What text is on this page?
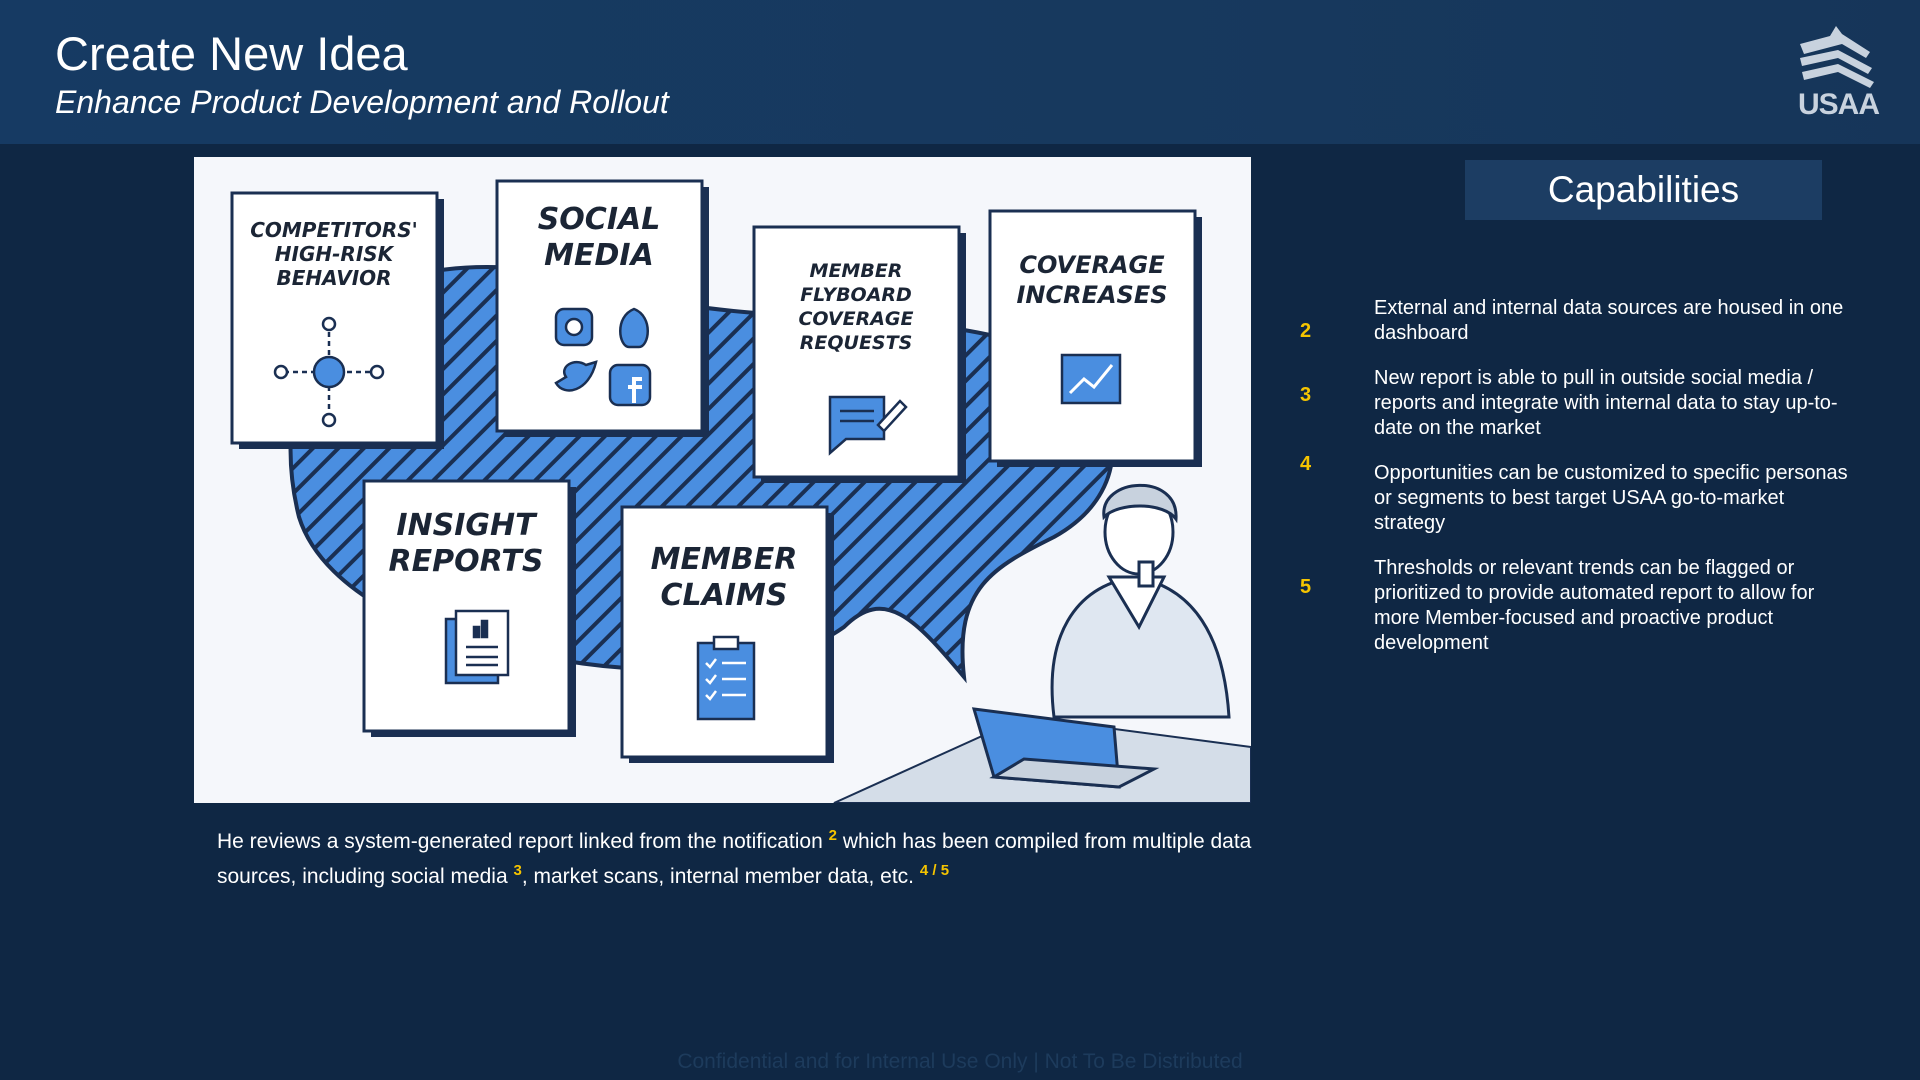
Create New Idea
Enhance Product Development and Rollout	USAA
COMPETITORS'
HIGH-RISK
BEHAVIOR
SOCIAL
MEDIA	MEMBER
FLYBOARD
COVERAGE
REQUESTS
COVERAGE
INCREASES
INSIGHT
REPORTS	MEMBER
CLAIMS
He reviews a system-generated report linked from the notification $^2$ which has been compiled from multiple data sources, including social media $^3$, market scans, internal member data, etc. $^{4 / 5}$
Capabilities
2
External and internal data sources are housed in one dashboard
3
New report is able to pull in outside social media / reports and integrate with internal data to stay up-to-date on the market
4	Opportunities can be customized to specific personas or segments to best target USAA go-to-market strategy
5
Thresholds or relevant trends can be flagged or prioritized to provide automated report to allow for more Member-focused and proactive product development
Confidential and for Internal Use Only | Not To Be Distributed
